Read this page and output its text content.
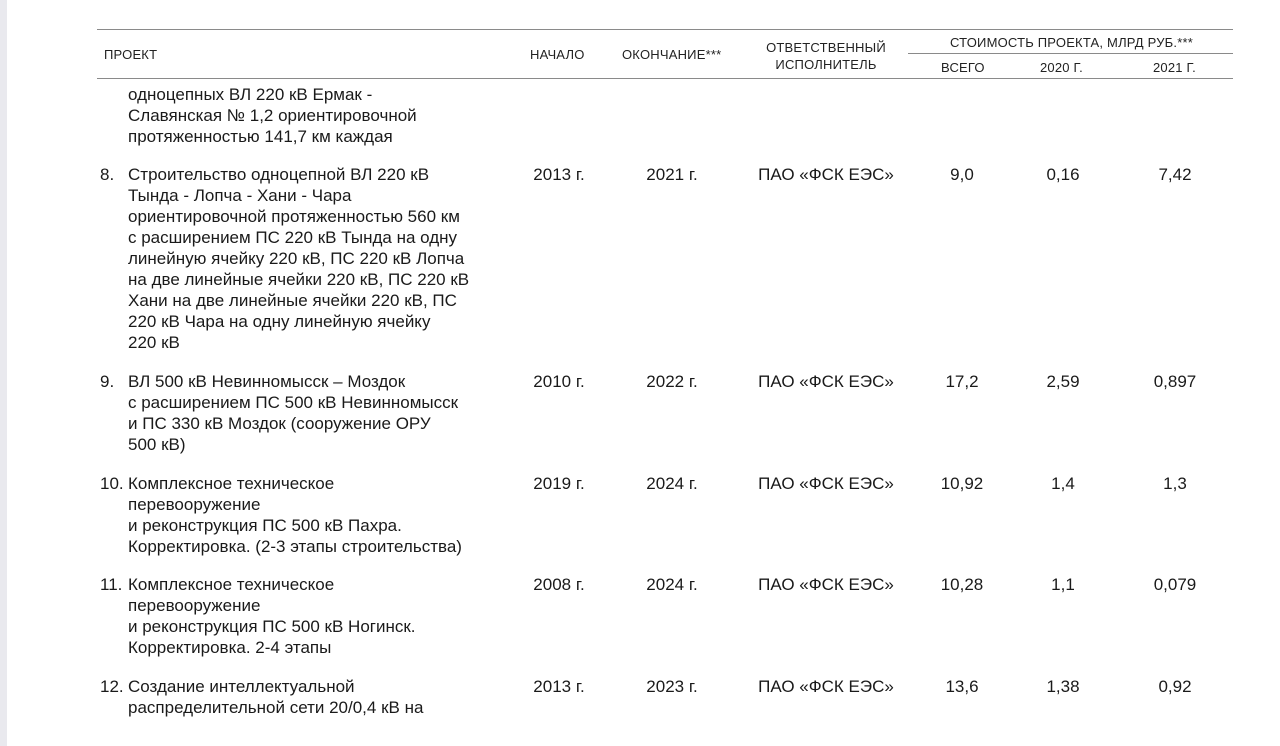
ПРОЕКТ	НАЧАЛО	ОКОНЧАНИЕ***	ОТВЕТСТВЕННЫЙ
ИСПОЛНИТЕЛЬ
СТОИМОСТЬ ПРОЕКТА, МЛРД РУБ.***
ВСЕГО	2020 Г.	2021 Г.
одноцепных ВЛ 220 кВ Ермак -
Славянская № 1,2 ориентировочной
протяженностью 141,7 км каждая
8. Строительство одноцепной ВЛ 220 кВ
Тында - Лопча - Хани - Чара
ориентировочной протяженностью 560 км
с расширением ПС 220 кВ Тында на одну
линейную ячейку 220 кВ, ПС 220 кВ Лопча
на две линейные ячейки 220 кВ, ПС 220 кВ
Хани на две линейные ячейки 220 кВ, ПС
220 кВ Чара на одну линейную ячейку
220 кВ
2013 г.	2021 г.	ПАО «ФСК ЕЭС»	9,0	0,16	7,42
9. ВЛ 500 кВ Невинномысск – Моздок
с расширением ПС 500 кВ Невинномысск
и ПС 330 кВ Моздок (сооружение ОРУ
500 кВ)
2010 г.	2022 г.	ПАО «ФСК ЕЭС»	17,2	2,59	0,897
10. Комплексное техническое
перевооружение
и реконструкция ПС 500 кВ Пахра.
Корректировка. (2-3 этапы строительства)
2019 г.	2024 г.	ПАО «ФСК ЕЭС»	10,92	1,4	1,3
11. Комплексное техническое
перевооружение
и реконструкция ПС 500 кВ Ногинск.
Корректировка. 2-4 этапы
2008 г.	2024 г.	ПАО «ФСК ЕЭС»	10,28	1,1	0,079
12. Создание интеллектуальной
распределительной сети 20/0,4 кВ на
2013 г.	2023 г.	ПАО «ФСК ЕЭС»	13,6	1,38	0,92
